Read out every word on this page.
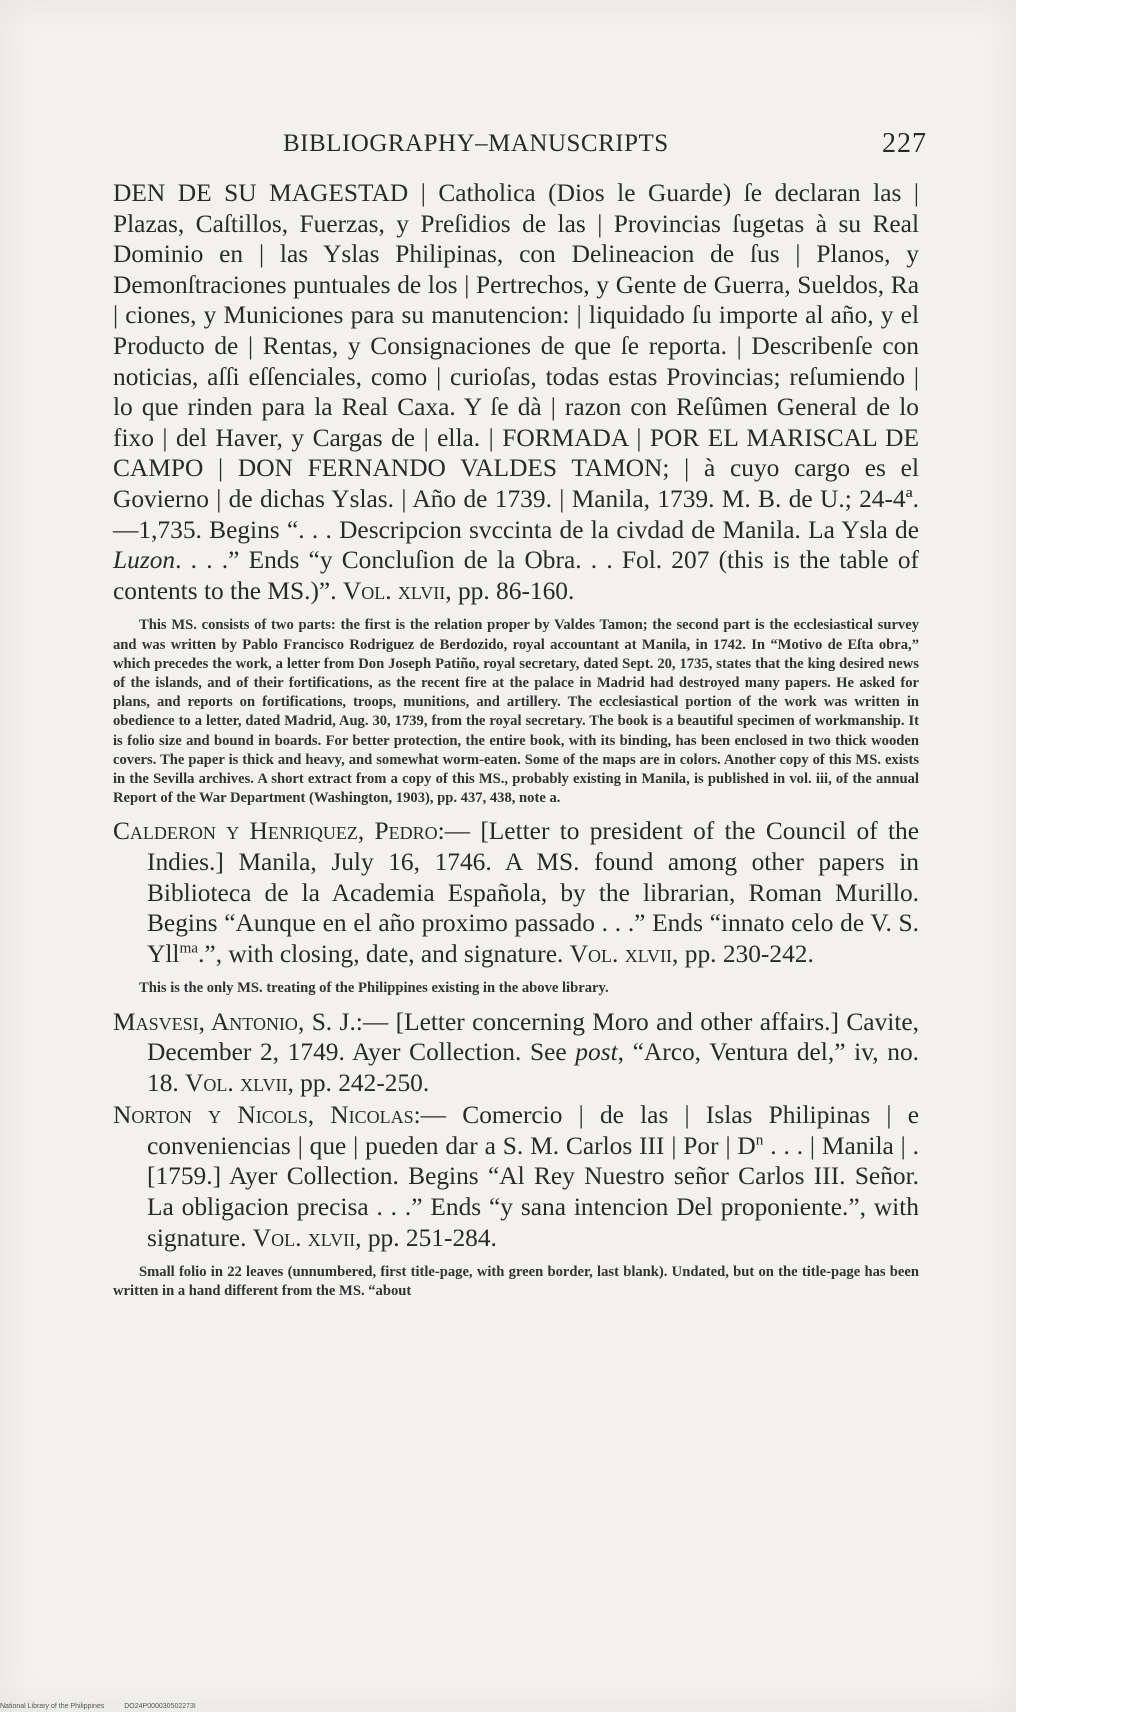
BIBLIOGRAPHY–MANUSCRIPTS	227

DEN DE SU MAGESTAD | Catholica (Dios le Guarde) ſe declaran las | Plazas, Caſtillos, Fuerzas, y Preſidios de las | Provincias ſugetas à su Real Dominio en | las Yslas Philipinas, con Delineacion de ſus | Planos, y Demonſtraciones puntuales de los | Pertrechos, y Gente de Guerra, Sueldos, Ra | ciones, y Municiones para su manutencion: | liquidado ſu importe al año, y el Producto de | Rentas, y Consignaciones de que ſe reporta. | Describenſe con noticias, aſſi eſſenciales, como | curioſas, todas estas Provincias; reſumiendo | lo que rinden para la Real Caxa. Y ſe dà | razon con Reſûmen General de lo fixo | del Haver, y Cargas de | ella. | FORMADA | POR EL MARISCAL DE CAMPO | DON FERNANDO VALDES TAMON; | à cuyo cargo es el Govierno | de dichas Yslas. | Año de 1739. | Manila, 1739. M. B. de U.; 24-4ª.—1,735. Begins “. . . Descripcion svccinta de la civdad de Manila. La Ysla de Luzon. . . .” Ends “y Concluſion de la Obra. . . Fol. 207 (this is the table of contents to the MS.)”. Vol. xlvii, pp. 86-160.

This MS. consists of two parts: the first is the relation proper by Valdes Tamon; the second part is the ecclesiastical survey and was written by Pablo Francisco Rodriguez de Berdozido, royal accountant at Manila, in 1742. In “Motivo de Eſta obra,” which precedes the work, a letter from Don Joseph Patiño, royal secretary, dated Sept. 20, 1735, states that the king desired news of the islands, and of their fortifications, as the recent fire at the palace in Madrid had destroyed many papers. He asked for plans, and reports on fortifications, troops, munitions, and artillery. The ecclesiastical portion of the work was written in obedience to a letter, dated Madrid, Aug. 30, 1739, from the royal secretary. The book is a beautiful specimen of workmanship. It is folio size and bound in boards. For better protection, the entire book, with its binding, has been enclosed in two thick wooden covers. The paper is thick and heavy, and somewhat worm-eaten. Some of the maps are in colors. Another copy of this MS. exists in the Sevilla archives. A short extract from a copy of this MS., probably existing in Manila, is published in vol. iii, of the annual Report of the War Department (Washington, 1903), pp. 437, 438, note a.

Calderon y Henriquez, Pedro:— [Letter to president of the Council of the Indies.] Manila, July 16, 1746. A MS. found among other papers in Biblioteca de la Academia Española, by the librarian, Roman Murillo. Begins “Aunque en el año proximo passado . . .” Ends “innato celo de V. S. Yll$^{ma}$.”, with closing, date, and signature. Vol. xlvii, pp. 230-242.

This is the only MS. treating of the Philippines existing in the above library.

Masvesi, Antonio, S. J.:— [Letter concerning Moro and other affairs.] Cavite, December 2, 1749. Ayer Collection. See post, “Arco, Ventura del,” iv, no. 18. Vol. xlvii, pp. 242-250.

Norton y Nicols, Nicolas:— Comercio | de las | Islas Philipinas | e conveniencias | que | pueden dar a S. M. Carlos III | Por | $D^n$ . . . | Manila | . [1759.] Ayer Collection. Begins “Al Rey Nuestro señor Carlos III. Señor. La obligacion precisa . . .” Ends “y sana intencion Del proponiente.”, with signature. Vol. xlvii, pp. 251-284.

Small folio in 22 leaves (unnumbered, first title-page, with green border, last blank). Undated, but on the title-page has been written in a hand different from the MS. “about

National Library of the Philippines	DO24P000030502273I
